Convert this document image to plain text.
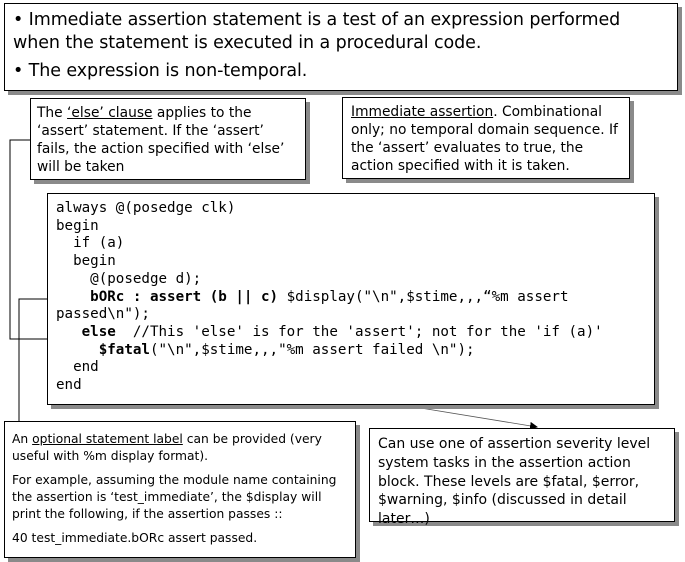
• Immediate assertion statement is a test of an expression performed when the statement is executed in a procedural code.

• The expression is non-temporal.

The ‘else’ clause applies to the ‘assert’ statement. If the ‘assert’ fails, the action specified with ‘else’ will be taken
Immediate assertion. Combinational only; no temporal domain sequence. If the ‘assert’ evaluates to true, the action specified with it is taken.
always @(posedge clk)
begin
if (a)
begin
@(posedge d);
bORc : assert (b || c) $display("\n",$stime,,,“%m assert
passed\n");
else  //This 'else' is for the 'assert'; not for the 'if (a)'
$fatal("\n",$stime,,,"%m assert failed \n");
end
end

An optional statement label can be provided (very useful with %m display format).

For example, assuming the module name containing the assertion is ‘test_immediate’, the $display will print the following, if the assertion passes ::

40 test_immediate.bORc assert passed.

Can use one of assertion severity level system tasks in the assertion action block. These levels are $fatal, $error, $warning, $info (discussed in detail later…)
